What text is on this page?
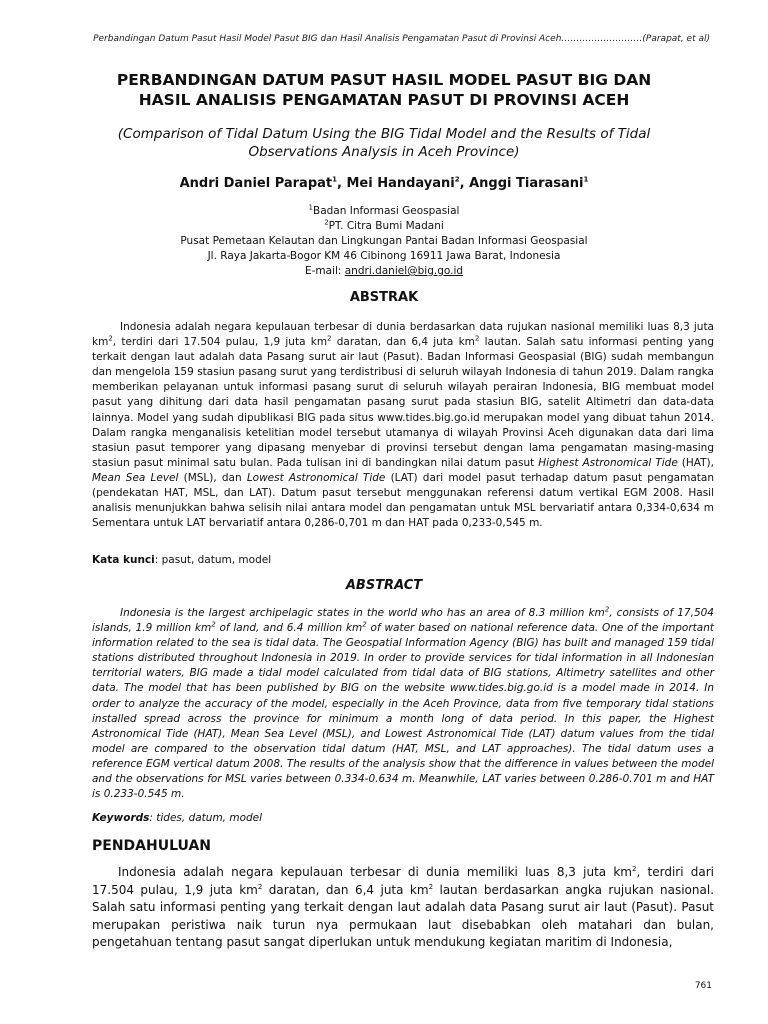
Perbandingan Datum Pasut Hasil Model Pasut BIG dan Hasil Analisis Pengamatan Pasut di Provinsi Aceh………………………(Parapat, et al)
PERBANDINGAN DATUM PASUT HASIL MODEL PASUT BIG DAN
HASIL ANALISIS PENGAMATAN PASUT DI PROVINSI ACEH

(Comparison of Tidal Datum Using the BIG Tidal Model and the Results of Tidal
Observations Analysis in Aceh Province)

Andri Daniel Parapat$^1$, Mei Handayani$^2$, Anggi Tiarasani$^1$

$^1$Badan Informasi Geospasial
$^2$PT. Citra Bumi Madani
Pusat Pemetaan Kelautan dan Lingkungan Pantai Badan Informasi Geospasial
Jl. Raya Jakarta-Bogor KM 46 Cibinong 16911 Jawa Barat, Indonesia
E-mail: andri.daniel@big.go.id
ABSTRAK

Indonesia adalah negara kepulauan terbesar di dunia berdasarkan data rujukan nasional memiliki luas 8,3 juta $km^2$, terdiri dari 17.504 pulau, 1,9 juta $km^2$ daratan, dan 6,4 juta $km^2$ lautan. Salah satu informasi penting yang terkait dengan laut adalah data Pasang surut air laut (Pasut). Badan Informasi Geospasial (BIG) sudah membangun dan mengelola 159 stasiun pasang surut yang terdistribusi di seluruh wilayah Indonesia di tahun 2019. Dalam rangka memberikan pelayanan untuk informasi pasang surut di seluruh wilayah perairan Indonesia, BIG membuat model pasut yang dihitung dari data hasil pengamatan pasang surut pada stasiun BIG, satelit Altimetri dan data-data lainnya. Model yang sudah dipublikasi BIG pada situs www.tides.big.go.id merupakan model yang dibuat tahun 2014. Dalam rangka menganalisis ketelitian model tersebut utamanya di wilayah Provinsi Aceh digunakan data dari lima stasiun pasut temporer yang dipasang menyebar di provinsi tersebut dengan lama pengamatan masing-masing stasiun pasut minimal satu bulan. Pada tulisan ini di bandingkan nilai datum pasut Highest Astronomical Tide (HAT), Mean Sea Level (MSL), dan Lowest Astronomical Tide (LAT) dari model pasut terhadap datum pasut pengamatan (pendekatan HAT, MSL, dan LAT). Datum pasut tersebut menggunakan referensi datum vertikal EGM 2008. Hasil analisis menunjukkan bahwa selisih nilai antara model dan pengamatan untuk MSL bervariatif antara 0,334-0,634 m Sementara untuk LAT bervariatif antara 0,286-0,701 m dan HAT pada 0,233-0,545 m.

Kata kunci: pasut, datum, model

ABSTRACT

Indonesia is the largest archipelagic states in the world who has an area of 8.3 million $km^2$, consists of 17,504 islands, 1.9 million $km^2$ of land, and 6.4 million $km^2$ of water based on national reference data. One of the important information related to the sea is tidal data. The Geospatial Information Agency (BIG) has built and managed 159 tidal stations distributed throughout Indonesia in 2019. In order to provide services for tidal information in all Indonesian territorial waters, BIG made a tidal model calculated from tidal data of BIG stations, Altimetry satellites and other data. The model that has been published by BIG on the website www.tides.big.go.id is a model made in 2014. In order to analyze the accuracy of the model, especially in the Aceh Province, data from five temporary tidal stations installed spread across the province for minimum a month long of data period. In this paper, the Highest Astronomical Tide (HAT), Mean Sea Level (MSL), and Lowest Astronomical Tide (LAT) datum values from the tidal model are compared to the observation tidal datum (HAT, MSL, and LAT approaches). The tidal datum uses a reference EGM vertical datum 2008. The results of the analysis show that the difference in values between the model and the observations for MSL varies between 0.334-0.634 m. Meanwhile, LAT varies between 0.286-0.701 m and HAT is 0.233-0.545 m.

Keywords: tides, datum, model

PENDAHULUAN

Indonesia adalah negara kepulauan terbesar di dunia memiliki luas 8,3 juta $km^2$, terdiri dari 17.504 pulau, 1,9 juta $km^2$ daratan, dan 6,4 juta $km^2$ lautan berdasarkan angka rujukan nasional. Salah satu informasi penting yang terkait dengan laut adalah data Pasang surut air laut (Pasut). Pasut merupakan peristiwa naik turun nya permukaan laut disebabkan oleh matahari dan bulan, pengetahuan tentang pasut sangat diperlukan untuk mendukung kegiatan maritim di Indonesia,

761
